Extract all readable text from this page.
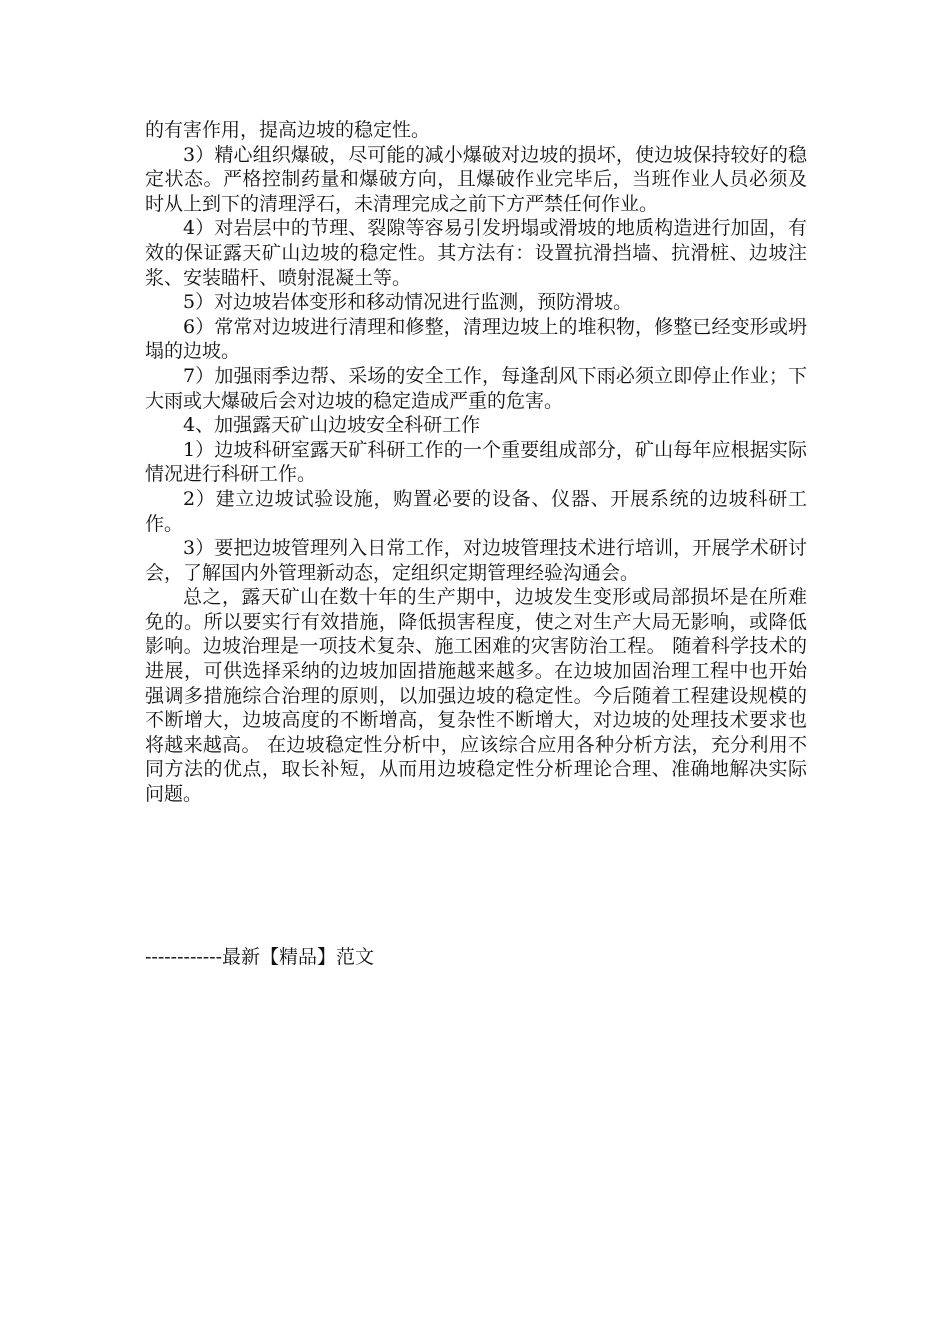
的有害作用，提高边坡的稳定性。

3）精心组织爆破，尽可能的减小爆破对边坡的损坏，使边坡保持较好的稳定状态。严格控制药量和爆破方向，且爆破作业完毕后，当班作业人员必须及时从上到下的清理浮石，未清理完成之前下方严禁任何作业。

4）对岩层中的节理、裂隙等容易引发坍塌或滑坡的地质构造进行加固，有效的保证露天矿山边坡的稳定性。其方法有：设置抗滑挡墙、抗滑桩、边坡注浆、安装瞄杆、喷射混凝土等。

5）对边坡岩体变形和移动情况进行监测，预防滑坡。

6）常常对边坡进行清理和修整，清理边坡上的堆积物，修整已经变形或坍塌的边坡。

7）加强雨季边帮、采场的安全工作，每逢刮风下雨必须立即停止作业；下大雨或大爆破后会对边坡的稳定造成严重的危害。

4、加强露天矿山边坡安全科研工作

1）边坡科研室露天矿科研工作的一个重要组成部分，矿山每年应根据实际情况进行科研工作。

2）建立边坡试验设施，购置必要的设备、仪器、开展系统的边坡科研工作。

3）要把边坡管理列入日常工作，对边坡管理技术进行培训，开展学术研讨会，了解国内外管理新动态，定组织定期管理经验沟通会。

总之，露天矿山在数十年的生产期中，边坡发生变形或局部损坏是在所难免的。所以要实行有效措施，降低损害程度，使之对生产大局无影响，或降低影响。边坡治理是一项技术复杂、施工困难的灾害防治工程。 随着科学技术的进展，可供选择采纳的边坡加固措施越来越多。在边坡加固治理工程中也开始强调多措施综合治理的原则，以加强边坡的稳定性。今后随着工程建设规模的不断增大，边坡高度的不断增高，复杂性不断增大，对边坡的处理技术要求也将越来越高。 在边坡稳定性分析中，应该综合应用各种分析方法，充分利用不同方法的优点，取长补短，从而用边坡稳定性分析理论合理、准确地解决实际问题。

------------最新【精品】范文
